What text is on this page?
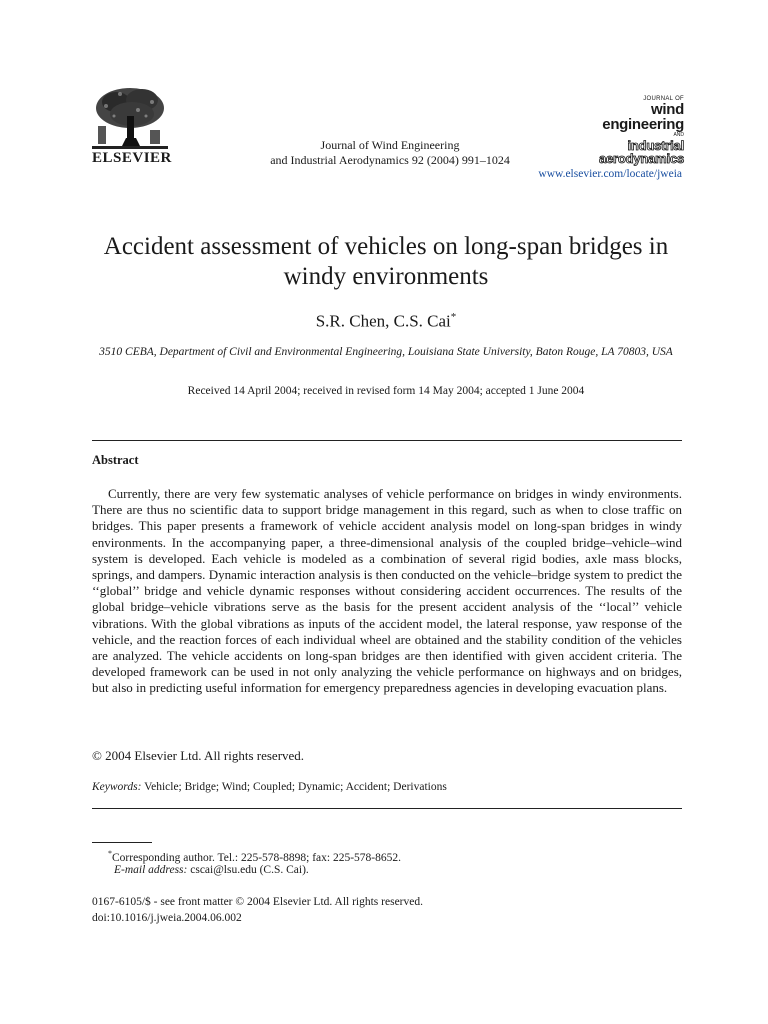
ELSEVIER
Journal of Wind Engineering
and Industrial Aerodynamics 92 (2004) 991–1024
JOURNAL OF
wind engineering
AND
industrial
aerodynamics
www.elsevier.com/locate/jweia
Accident assessment of vehicles on long-span bridges in windy environments
S.R. Chen, C.S. Cai*
3510 CEBA, Department of Civil and Environmental Engineering, Louisiana State University, Baton Rouge, LA 70803, USA
Received 14 April 2004; received in revised form 14 May 2004; accepted 1 June 2004
Abstract

Currently, there are very few systematic analyses of vehicle performance on bridges in windy environments. There are thus no scientific data to support bridge management in this regard, such as when to close traffic on bridges. This paper presents a framework of vehicle accident analysis model on long-span bridges in windy environments. In the accompanying paper, a three-dimensional analysis of the coupled bridge–vehicle–wind system is developed. Each vehicle is modeled as a combination of several rigid bodies, axle mass blocks, springs, and dampers. Dynamic interaction analysis is then conducted on the vehicle–bridge system to predict the ‘‘global’’ bridge and vehicle dynamic responses without considering accident occurrences. The results of the global bridge–vehicle vibrations serve as the basis for the present accident analysis of the ‘‘local’’ vehicle vibrations. With the global vibrations as inputs of the accident model, the lateral response, yaw response of the vehicle, and the reaction forces of each individual wheel are obtained and the stability condition of the vehicles are analyzed. The vehicle accidents on long-span bridges are then identified with given accident criteria. The developed framework can be used in not only analyzing the vehicle performance on highways and on bridges, but also in predicting useful information for emergency preparedness agencies in developing evacuation plans.

© 2004 Elsevier Ltd. All rights reserved.
Keywords: Vehicle; Bridge; Wind; Coupled; Dynamic; Accident; Derivations
*Corresponding author. Tel.: 225-578-8898; fax: 225-578-8652.
E-mail address: cscai@lsu.edu (C.S. Cai).
0167-6105/$ - see front matter © 2004 Elsevier Ltd. All rights reserved.
doi:10.1016/j.jweia.2004.06.002
